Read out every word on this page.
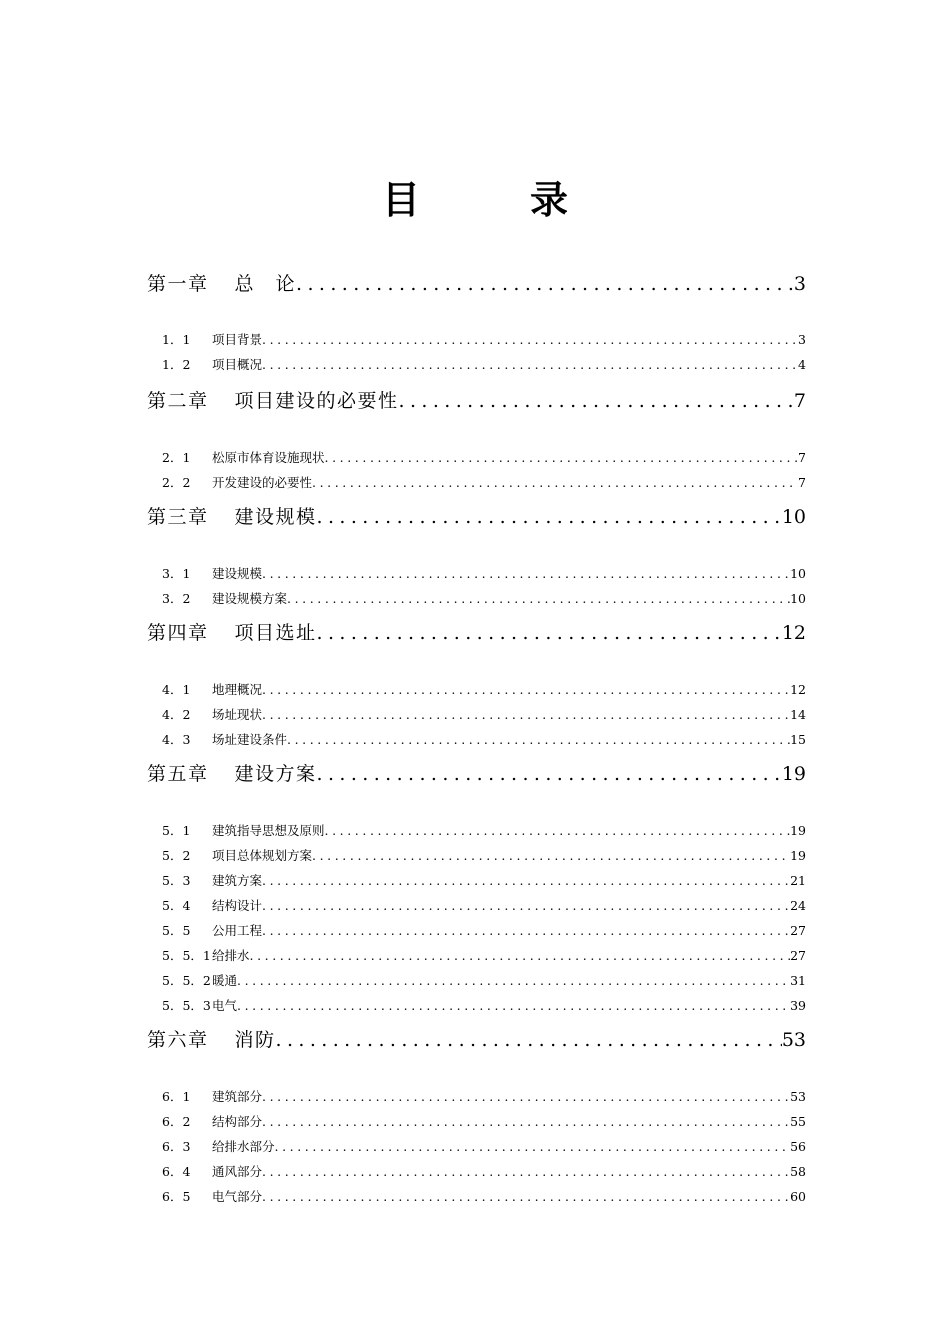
目　录
第一章 总　论 .....	3
1．1 项目背景 .....	3
1．2 项目概况 .....	4
第二章 项目建设的必要性 .....	7
2．1 松原市体育设施现状 .....	7
2．2 开发建设的必要性 .....	7
第三章 建设规模 .....	10
3．1 建设规模 .....	10
3．2 建设规模方案 .....	10
第四章 项目选址 .....	12
4．1 地理概况 .....	12
4．2 场址现状 .....	14
4．3 场址建设条件 .....	15
第五章 建设方案 .....	19
5．1 建筑指导思想及原则 .....	19
5．2 项目总体规划方案 .....	19
5．3 建筑方案 .....	21
5．4 结构设计 .....	24
5．5 公用工程 .....	27
5．5．1给排水 .....	27
5．5．2暖通 .....	31
5．5．3电气 .....	39
第六章 消防 .....	53
6．1 建筑部分 .....	53
6．2 结构部分 .....	55
6．3 给排水部分 .....	56
6．4 通风部分 .....	58
6．5 电气部分 .....	60
